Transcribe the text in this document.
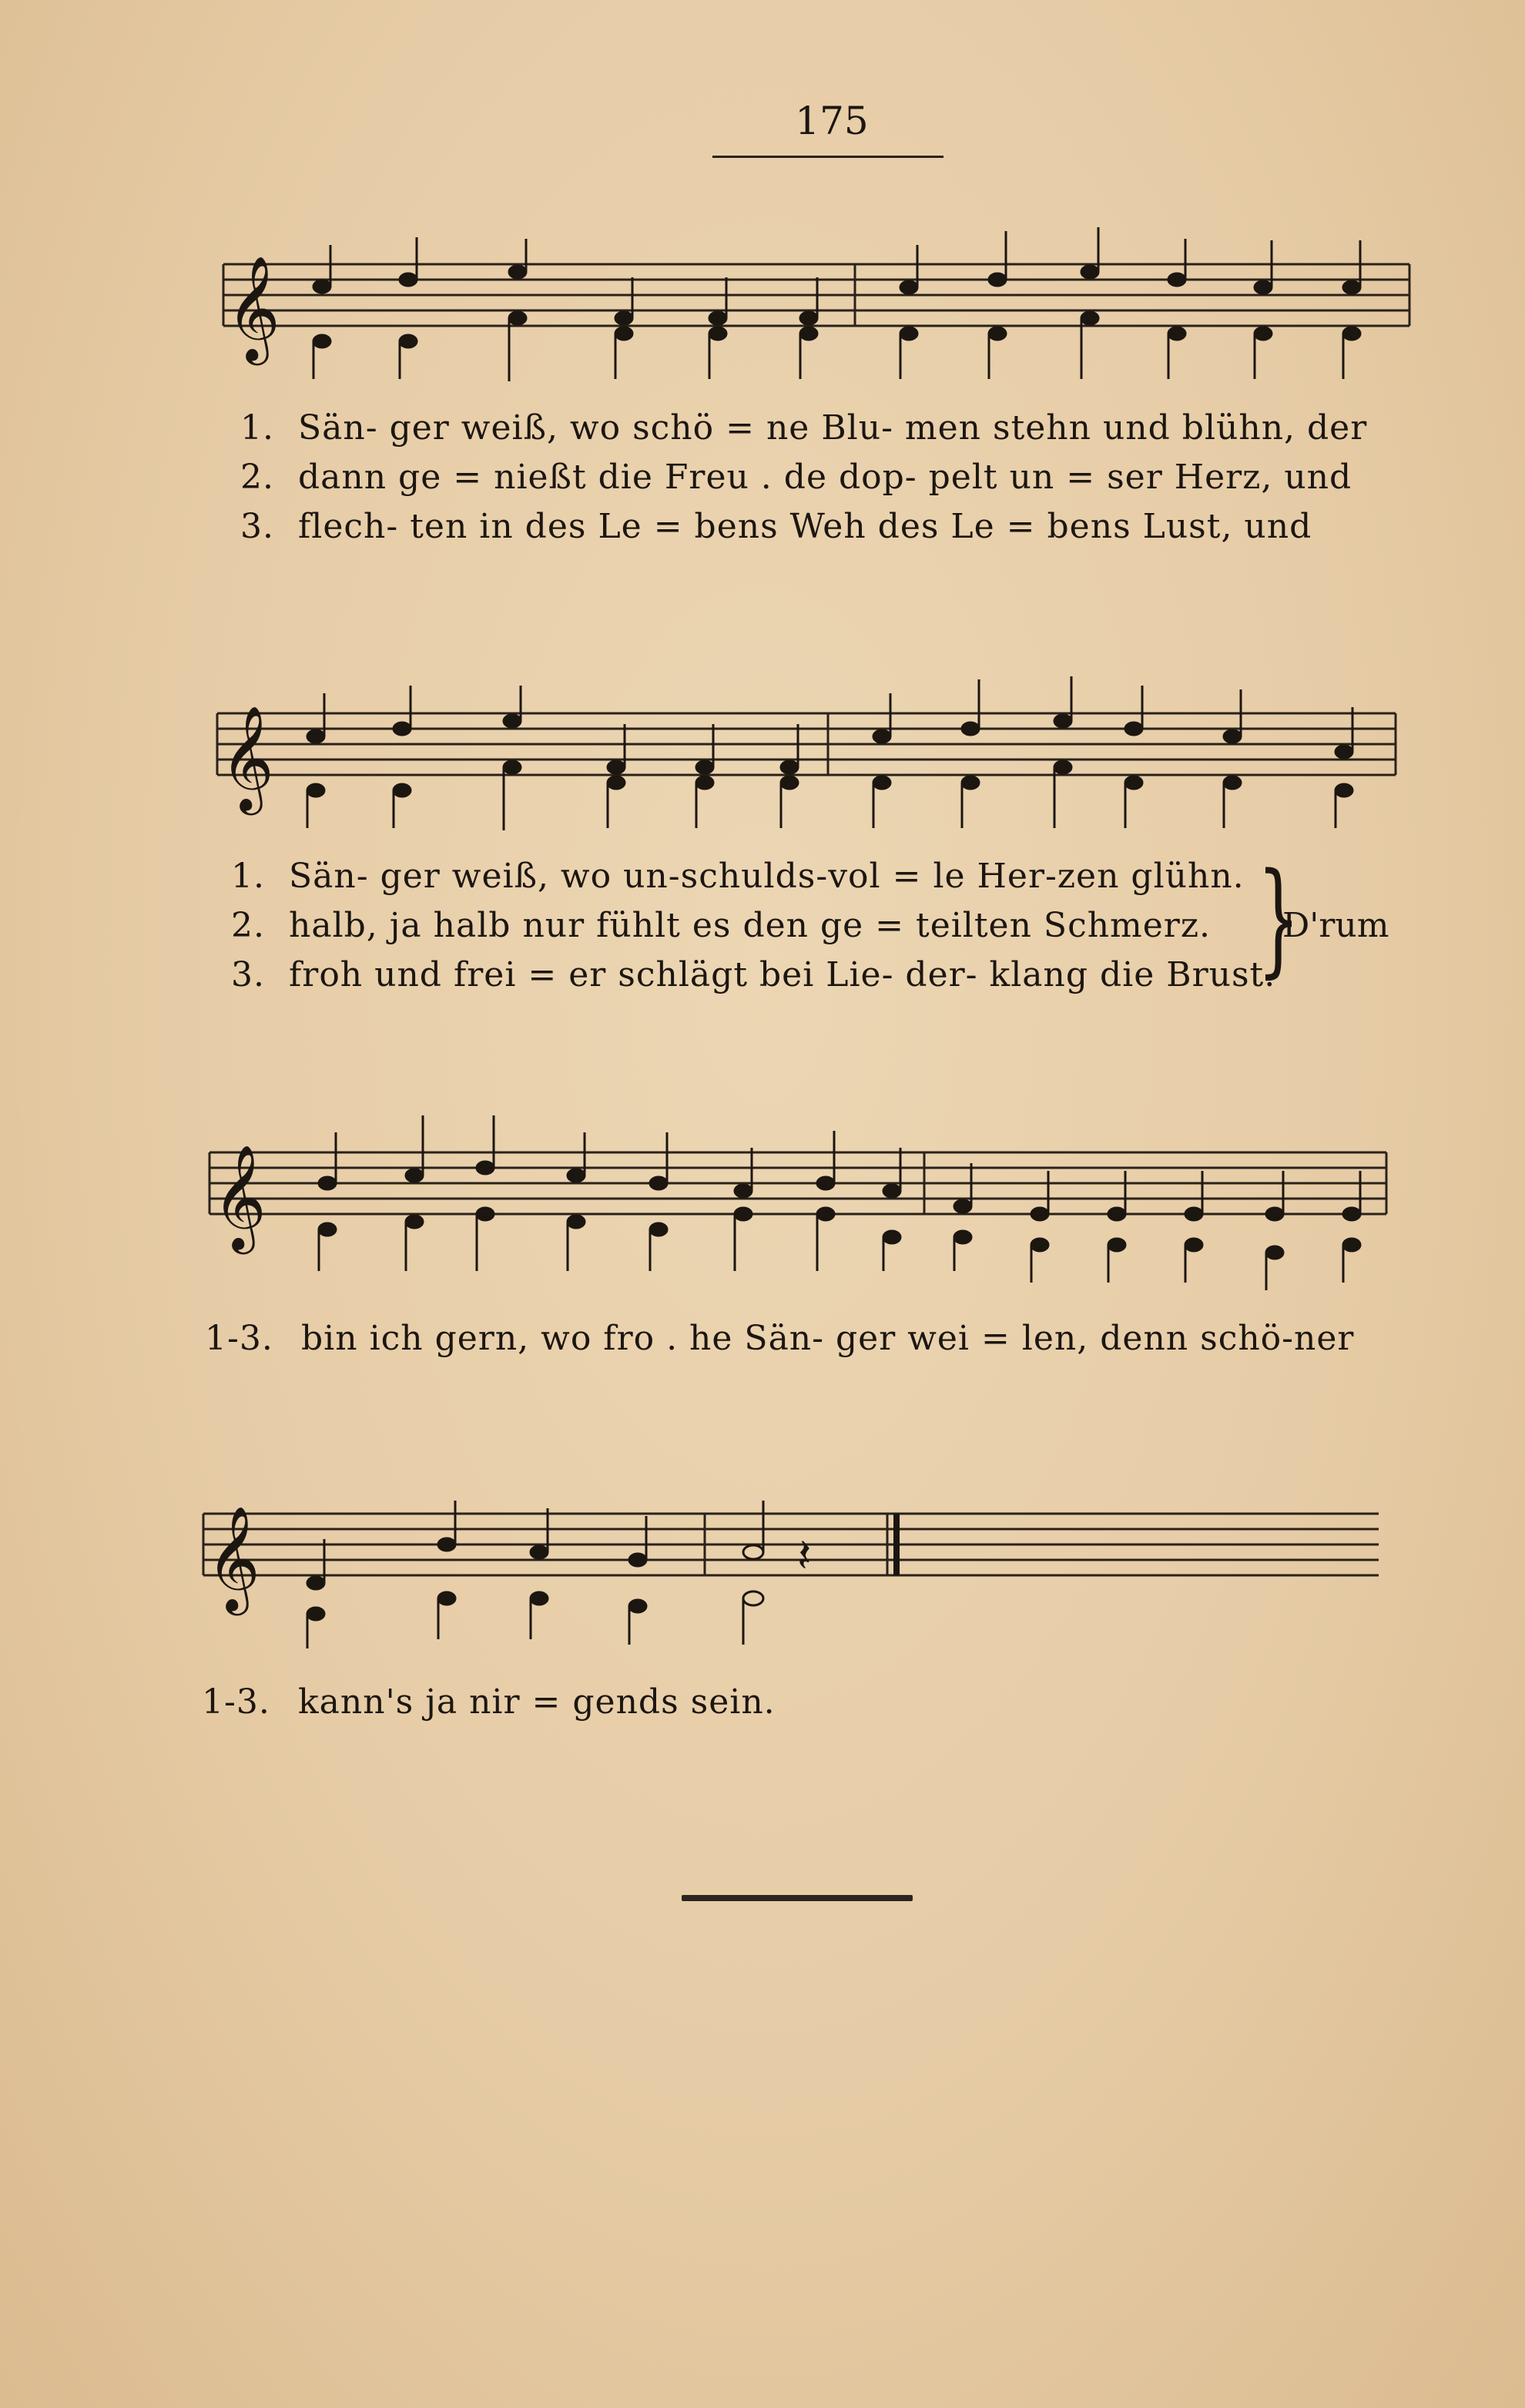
175
𝄞
1. Sän‑ ger weiß, wo schö = ne Blu‑ men stehn und blühn, der
2. dann ge = nießt die Freu . de dop‑ pelt un = ser Herz, und
3. flech‑ ten in des Le = bens Weh des Le = bens Lust, und
𝄞
1. Sän‑ ger weiß, wo un‑schulds‑vol = le Her‑zen glühn.
2. halb, ja halb nur fühlt es den ge = teilten Schmerz.
3. froh und frei = er schlägt bei Lie‑ der‑ klang die Brust.
}
D'rum
𝄞
1‑3. bin ich gern, wo fro . he Sän‑ ger wei = len, denn schö‑ner
𝄞	𝄽
1‑3. kann's ja nir = gends sein.
